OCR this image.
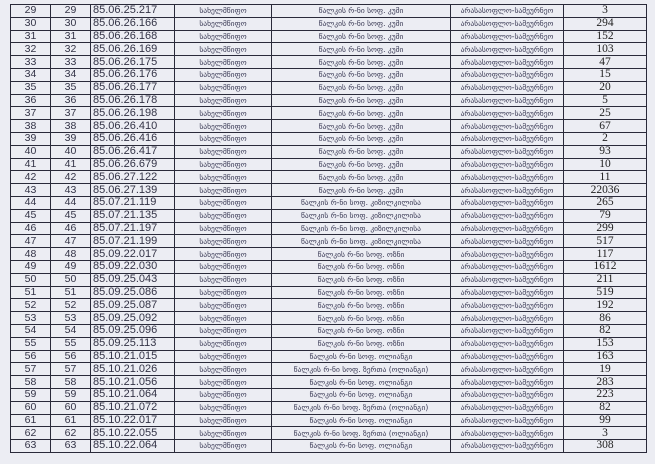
29	29	85.06.25.217	სახელმწიფო	წალკის რ-ნი სოფ. კუმი	არასასოფლო-სამეურნეო	3
30	30	85.06.26.166	სახელმწიფო	წალკის რ-ნი სოფ. კუმი	არასასოფლო-სამეურნეო	294
31	31	85.06.26.168	სახელმწიფო	წალკის რ-ნი სოფ. კუმი	არასასოფლო-სამეურნეო	152
32	32	85.06.26.169	სახელმწიფო	წალკის რ-ნი სოფ. კუმი	არასასოფლო-სამეურნეო	103
33	33	85.06.26.175	სახელმწიფო	წალკის რ-ნი სოფ. კუმი	არასასოფლო-სამეურნეო	47
34	34	85.06.26.176	სახელმწიფო	წალკის რ-ნი სოფ. კუმი	არასასოფლო-სამეურნეო	15
35	35	85.06.26.177	სახელმწიფო	წალკის რ-ნი სოფ. კუმი	არასასოფლო-სამეურნეო	20
36	36	85.06.26.178	სახელმწიფო	წალკის რ-ნი სოფ. კუმი	არასასოფლო-სამეურნეო	5
37	37	85.06.26.198	სახელმწიფო	წალკის რ-ნი სოფ. კუმი	არასასოფლო-სამეურნეო	25
38	38	85.06.26.410	სახელმწიფო	წალკის რ-ნი სოფ. კუმი	არასასოფლო-სამეურნეო	67
39	39	85.06.26.416	სახელმწიფო	წალკის რ-ნი სოფ. კუმი	არასასოფლო-სამეურნეო	2
40	40	85.06.26.417	სახელმწიფო	წალკის რ-ნი სოფ. კუმი	არასასოფლო-სამეურნეო	93
41	41	85.06.26.679	სახელმწიფო	წალკის რ-ნი სოფ. კუმი	არასასოფლო-სამეურნეო	10
42	42	85.06.27.122	სახელმწიფო	წალკის რ-ნი სოფ. კუმი	არასასოფლო-სამეურნეო	11
43	43	85.06.27.139	სახელმწიფო	წალკის რ-ნი სოფ. კუმი	არასასოფლო-სამეურნეო	22036
44	44	85.07.21.119	სახელმწიფო	წალკის რ-ნი სოფ. კიზილკილისა	არასასოფლო-სამეურნეო	265
45	45	85.07.21.135	სახელმწიფო	წალკის რ-ნი სოფ. კიზილკილისა	არასასოფლო-სამეურნეო	79
46	46	85.07.21.197	სახელმწიფო	წალკის რ-ნი სოფ. კიზილკილისა	არასასოფლო-სამეურნეო	299
47	47	85.07.21.199	სახელმწიფო	წალკის რ-ნი სოფ. კიზილკილისა	არასასოფლო-სამეურნეო	517
48	48	85.09.22.017	სახელმწიფო	წალკის რ-ნი სოფ. ოზნი	არასასოფლო-სამეურნეო	117
49	49	85.09.22.030	სახელმწიფო	წალკის რ-ნი სოფ. ოზნი	არასასოფლო-სამეურნეო	1612
50	50	85.09.25.043	სახელმწიფო	წალკის რ-ნი სოფ. ოზნი	არასასოფლო-სამეურნეო	211
51	51	85.09.25.086	სახელმწიფო	წალკის რ-ნი სოფ. ოზნი	არასასოფლო-სამეურნეო	519
52	52	85.09.25.087	სახელმწიფო	წალკის რ-ნი სოფ. ოზნი	არასასოფლო-სამეურნეო	192
53	53	85.09.25.092	სახელმწიფო	წალკის რ-ნი სოფ. ოზნი	არასასოფლო-სამეურნეო	86
54	54	85.09.25.096	სახელმწიფო	წალკის რ-ნი სოფ. ოზნი	არასასოფლო-სამეურნეო	82
55	55	85.09.25.113	სახელმწიფო	წალკის რ-ნი სოფ. ოზნი	არასასოფლო-სამეურნეო	153
56	56	85.10.21.015	სახელმწიფო	წალკის რ-ნი სოფ. ოლიანგი	არასასოფლო-სამეურნეო	163
57	57	85.10.21.026	სახელმწიფო	წალკის რ-ნი სოფ. ზერთა (ოლიანგი)	არასასოფლო-სამეურნეო	19
58	58	85.10.21.056	სახელმწიფო	წალკის რ-ნი სოფ. ოლიანგი	არასასოფლო-სამეურნეო	283
59	59	85.10.21.064	სახელმწიფო	წალკის რ-ნი სოფ. ოლიანგი	არასასოფლო-სამეურნეო	223
60	60	85.10.21.072	სახელმწიფო	წალკის რ-ნი სოფ. ზერთა (ოლიანგი)	არასასოფლო-სამეურნეო	82
61	61	85.10.22.017	სახელმწიფო	წალკის რ-ნი სოფ. ოლიანგი	არასასოფლო-სამეურნეო	99
62	62	85.10.22.055	სახელმწიფო	წალკის რ-ნი სოფ. ზერთა (ოლიანგი)	არასასოფლო-სამეურნეო	3
63	63	85.10.22.064	სახელმწიფო	წალკის რ-ნი სოფ. ოლიანგი	არასასოფლო-სამეურნეო	308
